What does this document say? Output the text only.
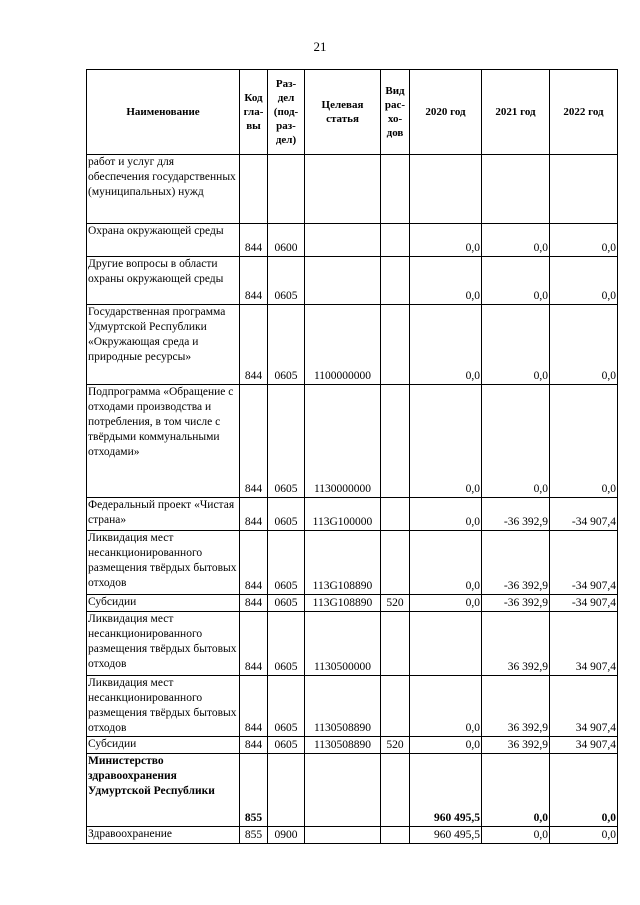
21
Наименование	Код гла-вы	Раз-дел (под-раз-дел)	Целевая статья	Вид рас-хо-дов	2020 год	2021 год	2022 год
работ и услуг для обеспечения государственных (муниципальных) нужд							
Охрана окружающей среды	844	0600			0,0	0,0	0,0
Другие вопросы в области охраны окружающей среды	844	0605			0,0	0,0	0,0
Государственная программа Удмуртской Республики «Окружающая среда и природные ресурсы»	844	0605	1100000000		0,0	0,0	0,0
Подпрограмма «Обращение с отходами производства и потребления, в том числе с твёрдыми коммунальными отходами»	844	0605	1130000000		0,0	0,0	0,0
Федеральный проект «Чистая страна»	844	0605	113G100000		0,0	-36 392,9	-34 907,4
Ликвидация мест несанкционированного размещения твёрдых бытовых отходов	844	0605	113G108890		0,0	-36 392,9	-34 907,4
Субсидии	844	0605	113G108890	520	0,0	-36 392,9	-34 907,4
Ликвидация мест несанкционированного размещения твёрдых бытовых отходов	844	0605	1130500000			36 392,9	34 907,4
Ликвидация мест несанкционированного размещения твёрдых бытовых отходов	844	0605	1130508890		0,0	36 392,9	34 907,4
Субсидии	844	0605	1130508890	520	0,0	36 392,9	34 907,4
Министерство здравоохранения Удмуртской Республики	855				960 495,5	0,0	0,0
Здравоохранение	855	0900			960 495,5	0,0	0,0
